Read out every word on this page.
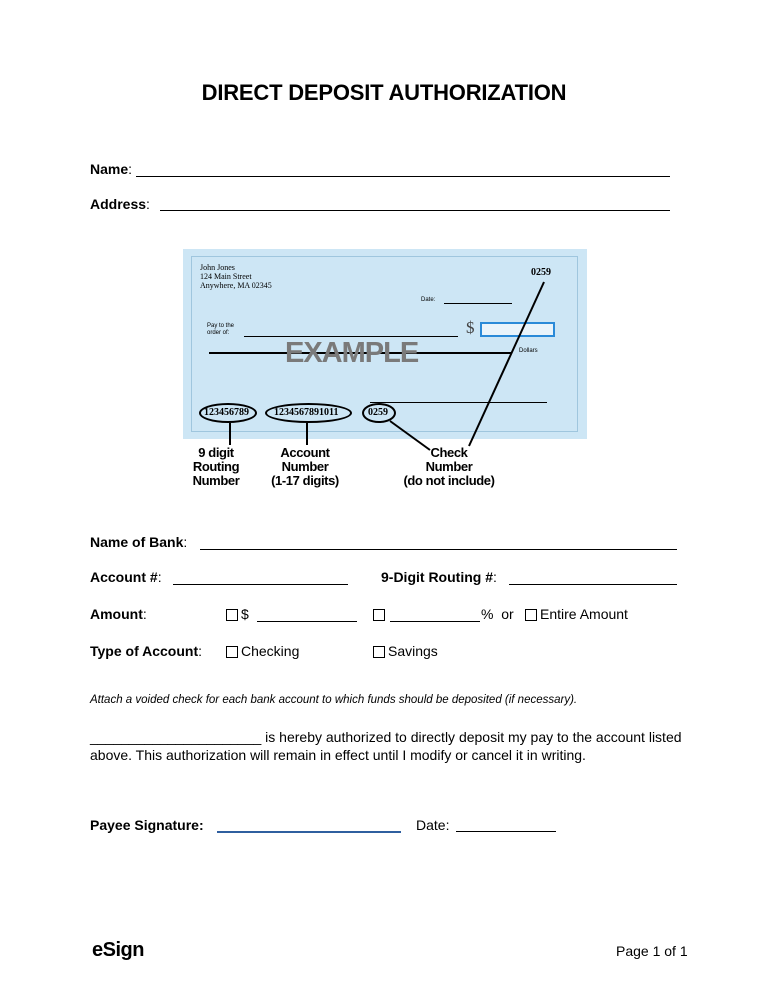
DIRECT DEPOSIT AUTHORIZATION
Name:
Address:
John Jones
124 Main Street
Anywhere, MA 02345
0259
Date:
Pay to the
order of:	$
Dollars
EXAMPLE
123456789	1234567891011	0259
9 digit
Routing
Number
Account
Number
(1-17 digits)
Check
Number
(do not include)
Name of Bank:
Account #:	9-Digit Routing #:
Amount:	$	% or	Entire Amount
Type of Account:	Checking	Savings
Attach a voided check for each bank account to which funds should be deposited (if necessary).
______________________ is hereby authorized to directly deposit my pay to the account listed above. This authorization will remain in effect until I modify or cancel it in writing.
Payee Signature:	Date:
eSign	Page 1 of 1
